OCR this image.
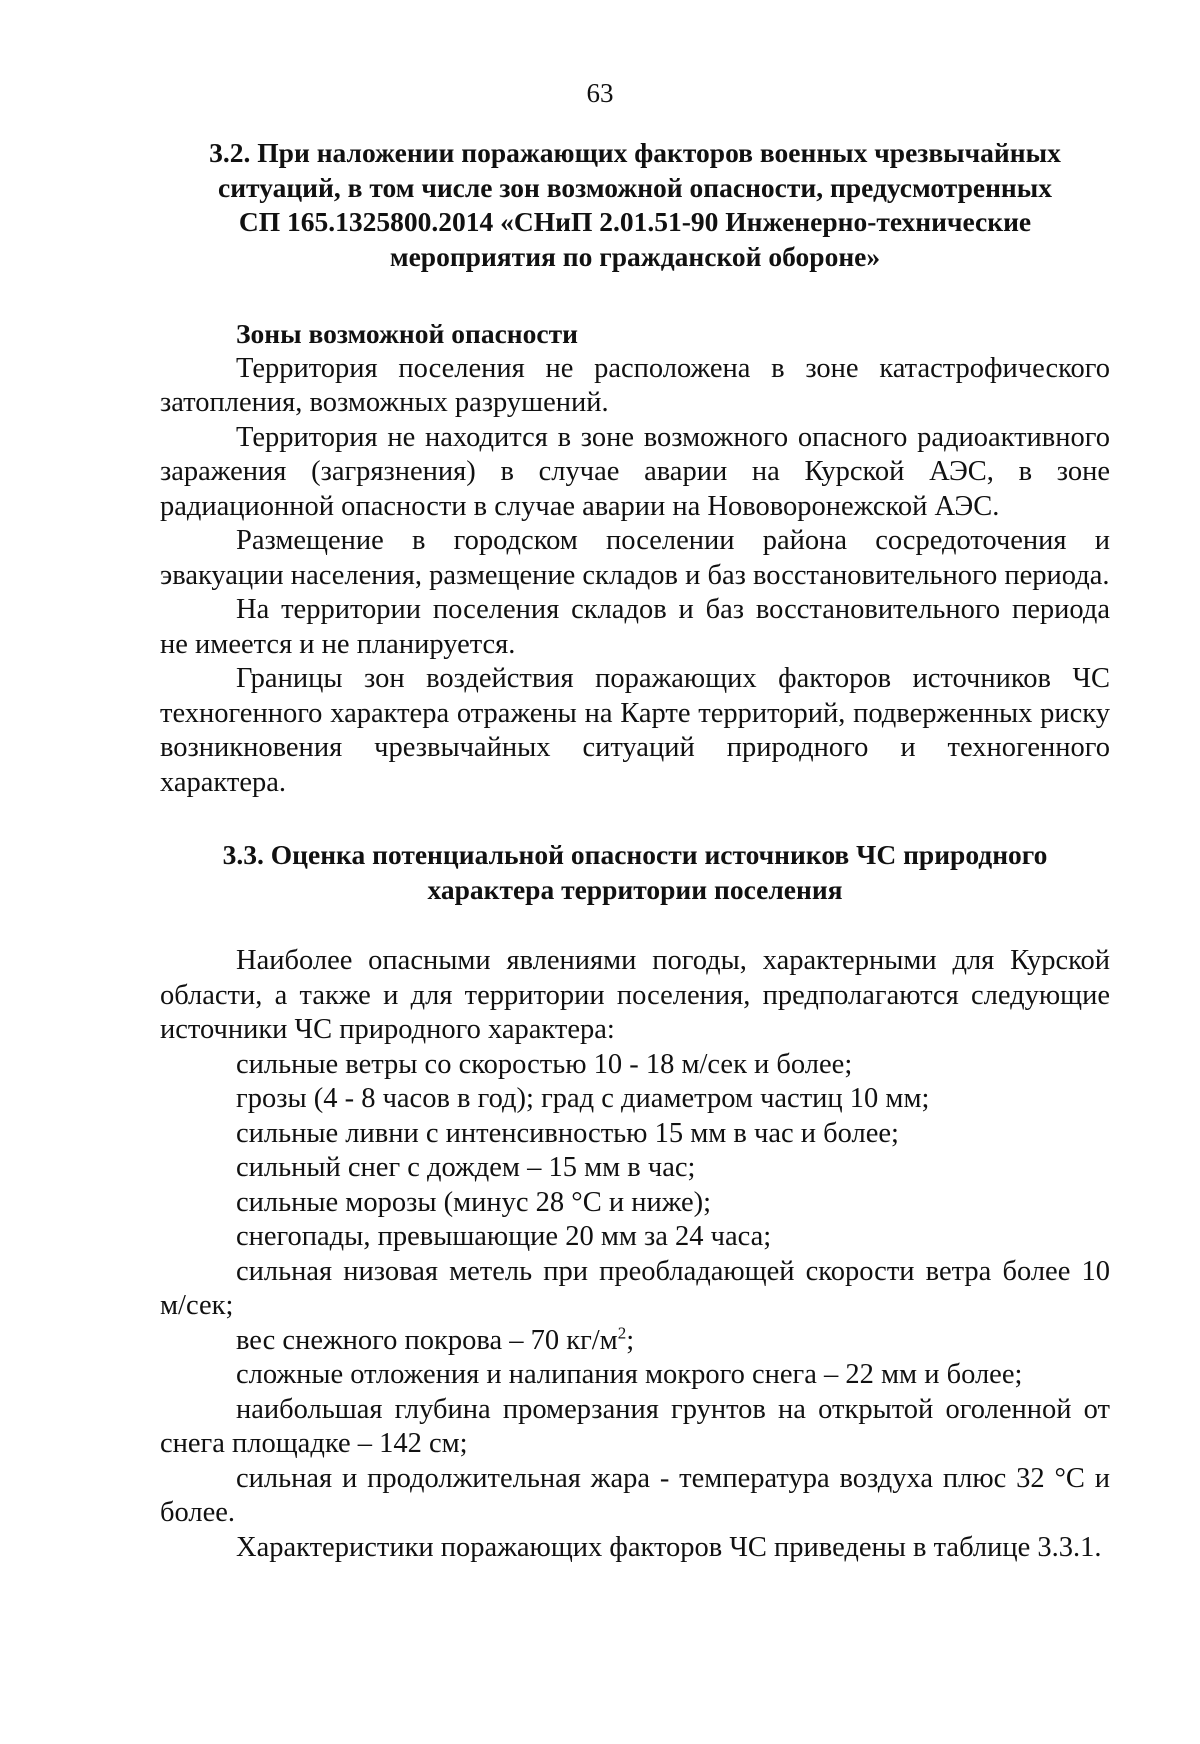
63
3.2. При наложении поражающих факторов военных чрезвычайных
ситуаций, в том числе зон возможной опасности, предусмотренных
СП 165.1325800.2014 «СНиП 2.01.51-90 Инженерно-технические
мероприятия по гражданской обороне»
Зоны возможной опасности

Территория поселения не расположена в зоне катастрофического затопления, возможных разрушений.

Территория не находится в зоне возможного опасного радиоактивного заражения (загрязнения) в случае аварии на Курской АЭС, в зоне радиационной опасности в случае аварии на Нововоронежской АЭС.

Размещение в городском поселении района сосредоточения и эвакуации населения, размещение складов и баз восстановительного периода.

На территории поселения складов и баз восстановительного периода не имеется и не планируется.

Границы зон воздействия поражающих факторов источников ЧС техногенного характера отражены на Карте территорий, подверженных риску возникновения чрезвычайных ситуаций природного и техногенного характера.

3.3. Оценка потенциальной опасности источников ЧС природного
характера территории поселения

Наиболее опасными явлениями погоды, характерными для Курской области, а также и для территории поселения, предполагаются следующие источники ЧС природного характера:

сильные ветры со скоростью 10 - 18 м/сек и более;

грозы (4 - 8 часов в год); град с диаметром частиц 10 мм;

сильные ливни с интенсивностью 15 мм в час и более;

сильный снег с дождем – 15 мм в час;

сильные морозы (минус 28 °С и ниже);

снегопады, превышающие 20 мм за 24 часа;

сильная низовая метель при преобладающей скорости ветра более 10 м/сек;

вес снежного покрова – 70 $кг/м^2$;

сложные отложения и налипания мокрого снега – 22 мм и более;

наибольшая глубина промерзания грунтов на открытой оголенной от снега площадке – 142 см;

сильная и продолжительная жара - температура воздуха плюс 32 °С и более.

Характеристики поражающих факторов ЧС приведены в таблице 3.3.1.
